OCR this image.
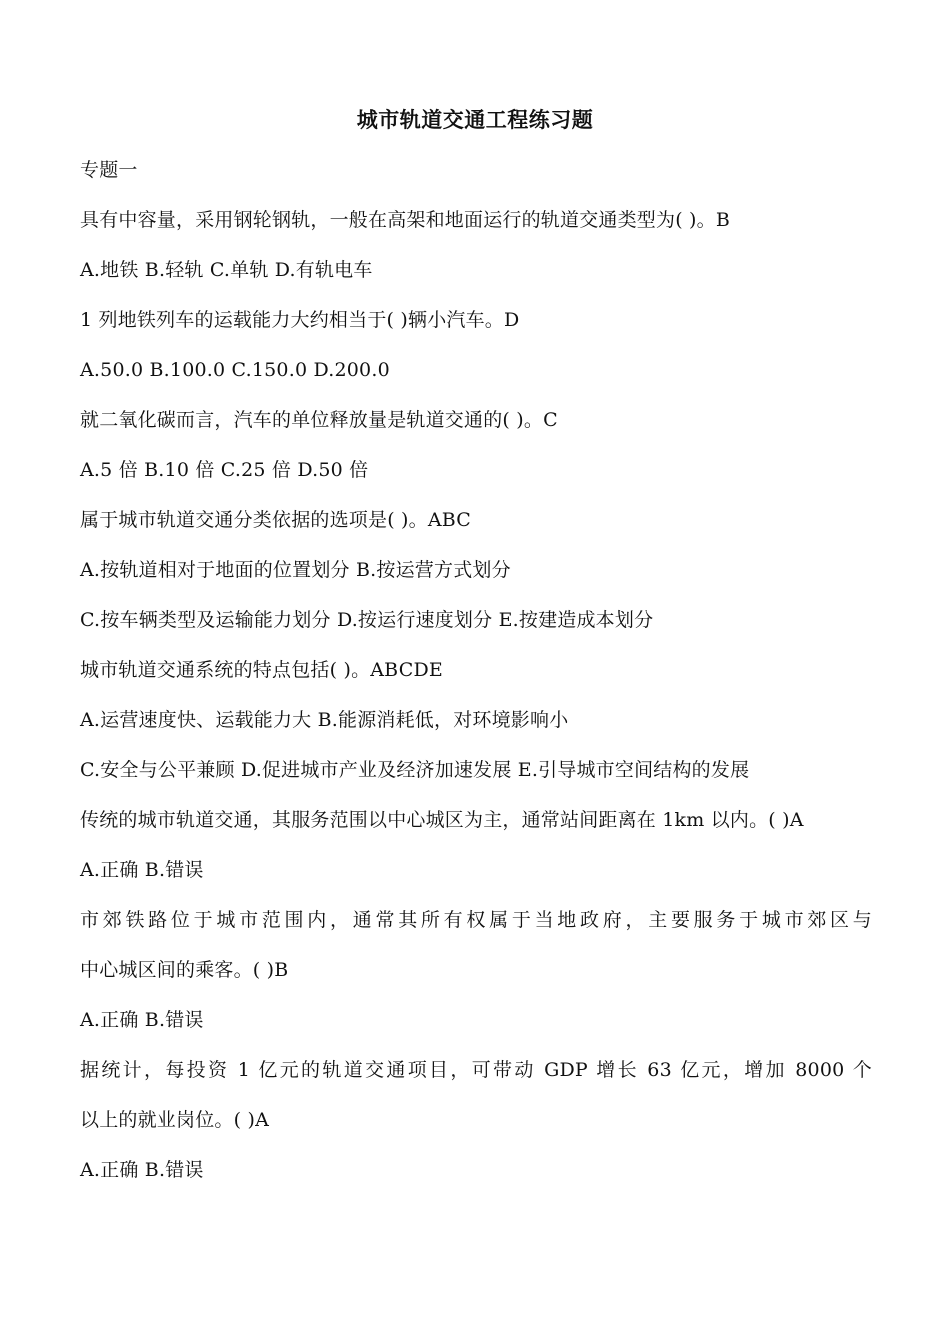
城市轨道交通工程练习题
专题一
具有中容量，采用钢轮钢轨，一般在高架和地面运行的轨道交通类型为( )。B
A.地铁 B.轻轨 C.单轨 D.有轨电车
1 列地铁列车的运载能力大约相当于( )辆小汽车。D
A.50.0 B.100.0 C.150.0 D.200.0
就二氧化碳而言，汽车的单位释放量是轨道交通的( )。C
A.5 倍 B.10 倍 C.25 倍 D.50 倍
属于城市轨道交通分类依据的选项是( )。ABC
A.按轨道相对于地面的位置划分 B.按运营方式划分
C.按车辆类型及运输能力划分 D.按运行速度划分 E.按建造成本划分
城市轨道交通系统的特点包括( )。ABCDE
A.运营速度快、运载能力大 B.能源消耗低，对环境影响小
C.安全与公平兼顾 D.促进城市产业及经济加速发展 E.引导城市空间结构的发展
传统的城市轨道交通，其服务范围以中心城区为主，通常站间距离在 1km 以内。( )A
A.正确 B.错误
市郊铁路位于城市范围内，通常其所有权属于当地政府，主要服务于城市郊区与
中心城区间的乘客。( )B
A.正确 B.错误
据统计，每投资 1 亿元的轨道交通项目，可带动 GDP 增长 63 亿元，增加 8000 个
以上的就业岗位。( )A
A.正确 B.错误
